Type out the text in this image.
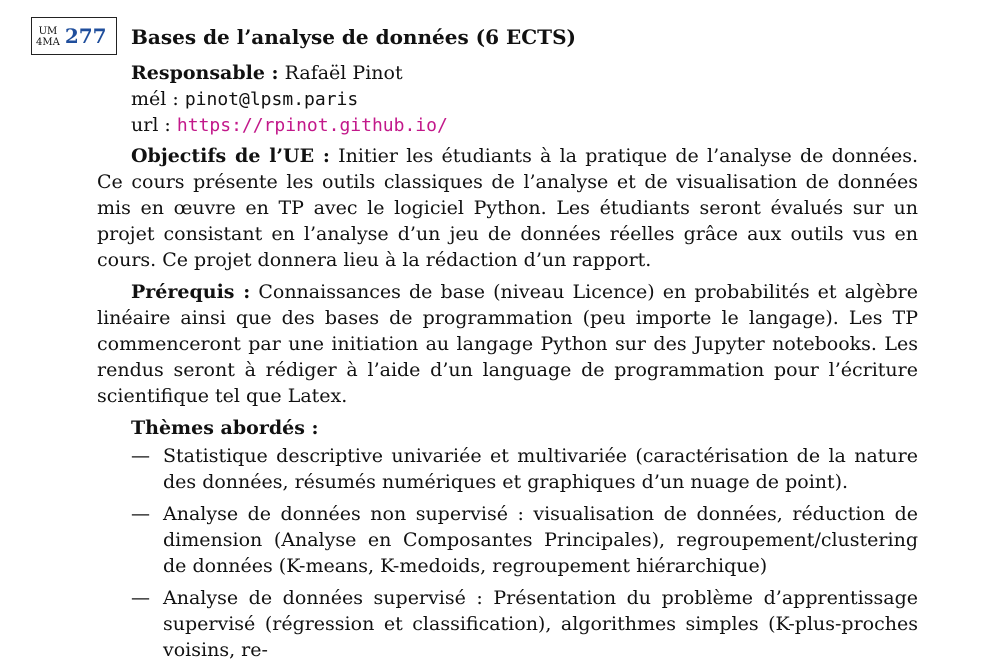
UM
4MA 277 Bases de l’analyse de données (6 ECTS)
Responsable : Rafaël Pinot
mél : pinot@lpsm.paris
url : https://rpinot.github.io/

Objectifs de l’UE : Initier les étudiants à la pratique de l’analyse de données. Ce cours présente les outils classiques de l’analyse et de visualisation de données mis en œuvre en TP avec le logiciel Python. Les étudiants seront évalués sur un projet consistant en l’analyse d’un jeu de données réelles grâce aux outils vus en cours. Ce projet donnera lieu à la rédaction d’un rapport.

Prérequis : Connaissances de base (niveau Licence) en probabilités et algèbre linéaire ainsi que des bases de programmation (peu importe le langage). Les TP commenceront par une initiation au langage Python sur des Jupyter notebooks. Les rendus seront à rédiger à l’aide d’un language de programmation pour l’écriture scientifique tel que Latex.

Thèmes abordés :
— Statistique descriptive univariée et multivariée (caractérisation de la nature des données, résumés numériques et graphiques d’un nuage de point).
— Analyse de données non supervisé : visualisation de données, réduction de dimension (Analyse en Composantes Principales), regroupement/clustering de données (K-means, K-medoids, regroupement hiérarchique)
— Analyse de données supervisé : Présentation du problème d’apprentissage supervisé (régression et classification), algorithmes simples (K-plus-proches voisins, re-
